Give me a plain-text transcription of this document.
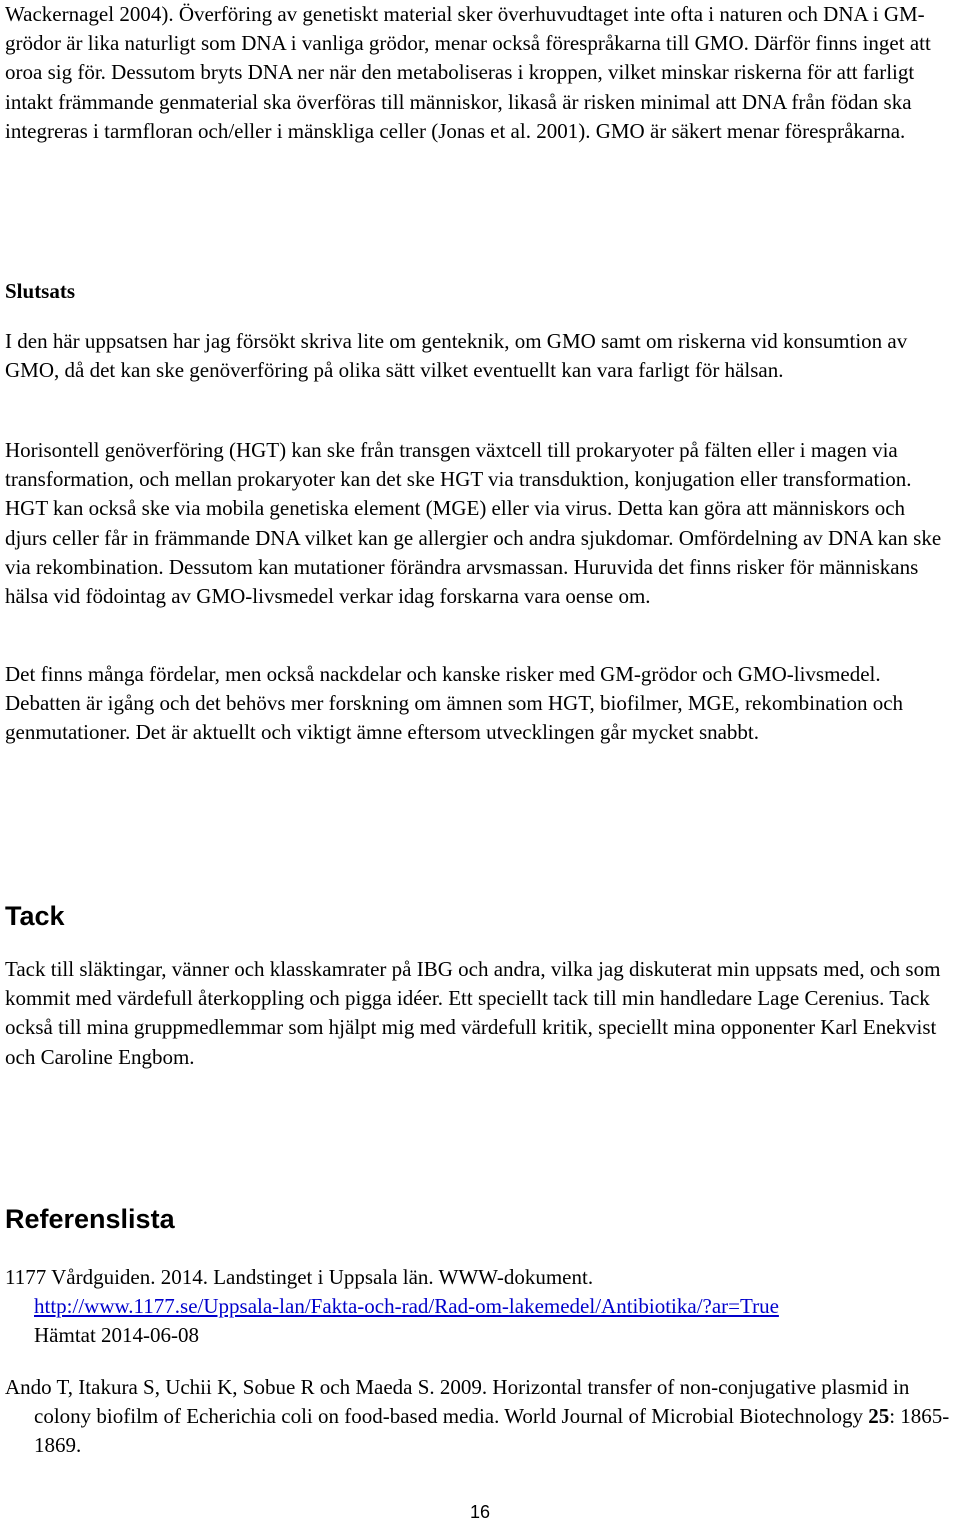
Wackernagel 2004). Överföring av genetiskt material sker överhuvudtaget inte ofta i naturen och DNA i GM-grödor är lika naturligt som DNA i vanliga grödor, menar också förespråkarna till GMO. Därför finns inget att oroa sig för. Dessutom bryts DNA ner när den metaboliseras i kroppen, vilket minskar riskerna för att farligt intakt främmande genmaterial ska överföras till människor, likaså är risken minimal att DNA från födan ska integreras i tarmfloran och/eller i mänskliga celler (Jonas et al. 2001). GMO är säkert menar förespråkarna.

Slutsats

I den här uppsatsen har jag försökt skriva lite om genteknik, om GMO samt om riskerna vid konsumtion av GMO, då det kan ske genöverföring på olika sätt vilket eventuellt kan vara farligt för hälsan.

Horisontell genöverföring (HGT) kan ske från transgen växtcell till prokaryoter på fälten eller i magen via transformation, och mellan prokaryoter kan det ske HGT via transduktion, konjugation eller transformation. HGT kan också ske via mobila genetiska element (MGE) eller via virus. Detta kan göra att människors och djurs celler får in främmande DNA vilket kan ge allergier och andra sjukdomar. Omfördelning av DNA kan ske via rekombination. Dessutom kan mutationer förändra arvsmassan. Huruvida det finns risker för människans hälsa vid födointag av GMO-livsmedel verkar idag forskarna vara oense om.

Det finns många fördelar, men också nackdelar och kanske risker med GM-grödor och GMO-livsmedel. Debatten är igång och det behövs mer forskning om ämnen som HGT, biofilmer, MGE, rekombination och genmutationer. Det är aktuellt och viktigt ämne eftersom utvecklingen går mycket snabbt.

Tack

Tack till släktingar, vänner och klasskamrater på IBG och andra, vilka jag diskuterat min uppsats med, och som kommit med värdefull återkoppling och pigga idéer. Ett speciellt tack till min handledare Lage Cerenius. Tack också till mina gruppmedlemmar som hjälpt mig med värdefull kritik, speciellt mina opponenter Karl Enekvist och Caroline Engbom.

Referenslista

1177 Vårdguiden. 2014. Landstinget i Uppsala län. WWW-dokument.
http://www.1177.se/Uppsala-lan/Fakta-och-rad/Rad-om-lakemedel/Antibiotika/?ar=True
Hämtat 2014-06-08

Ando T, Itakura S, Uchii K, Sobue R och Maeda S. 2009. Horizontal transfer of non-conjugative plasmid in colony biofilm of Echerichia coli on food-based media. World Journal of Microbial Biotechnology 25: 1865-1869.

16
